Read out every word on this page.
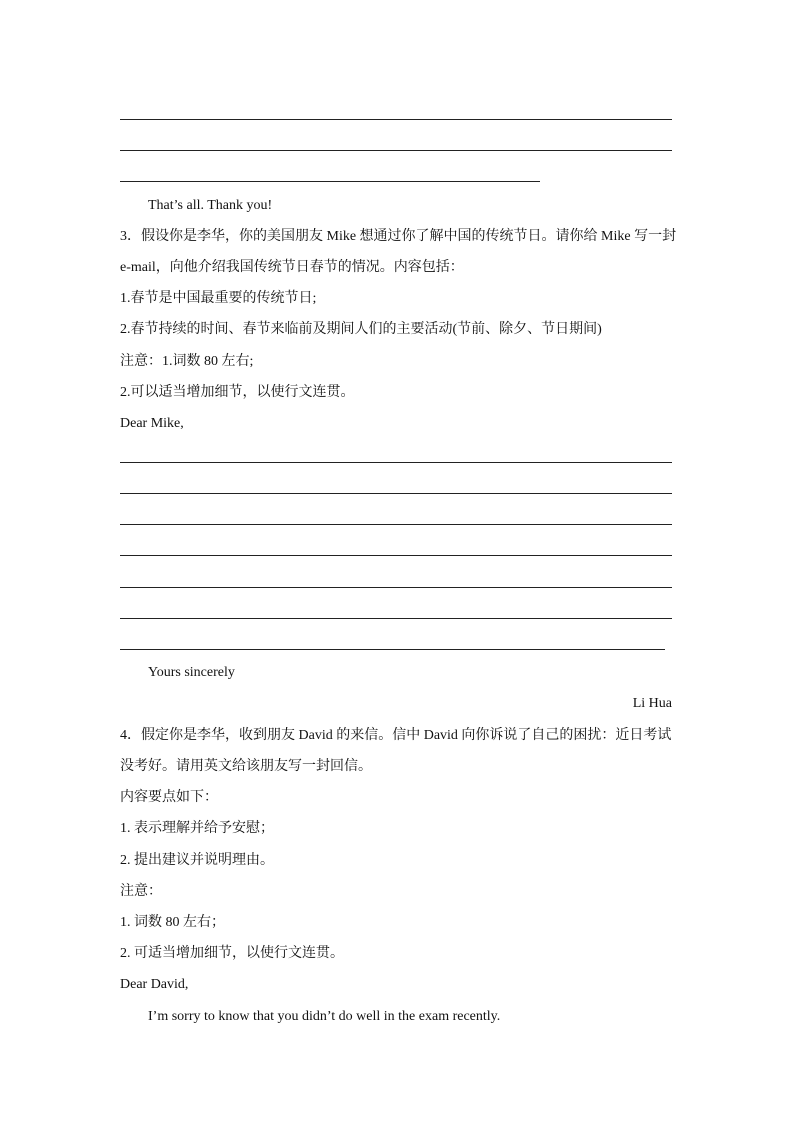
That’s all. Thank you!
3．假设你是李华，你的美国朋友 Mike 想通过你了解中国的传统节日。请你给 Mike 写一封
e-mail，向他介绍我国传统节日春节的情况。内容包括：
1.春节是中国最重要的传统节日;
2.春节持续的时间、春节来临前及期间人们的主要活动(节前、除夕、节日期间)
注意：1.词数 80 左右;
2.可以适当增加细节，以使行文连贯。
Dear Mike,
Yours sincerely
Li Hua
4．假定你是李华，收到朋友 David 的来信。信中 David 向你诉说了自己的困扰：近日考试
没考好。请用英文给该朋友写一封回信。
内容要点如下：
1. 表示理解并给予安慰；
2. 提出建议并说明理由。
注意：
1. 词数 80 左右；
2. 可适当增加细节，以使行文连贯。
Dear David,
I’m sorry to know that you didn’t do well in the exam recently.
